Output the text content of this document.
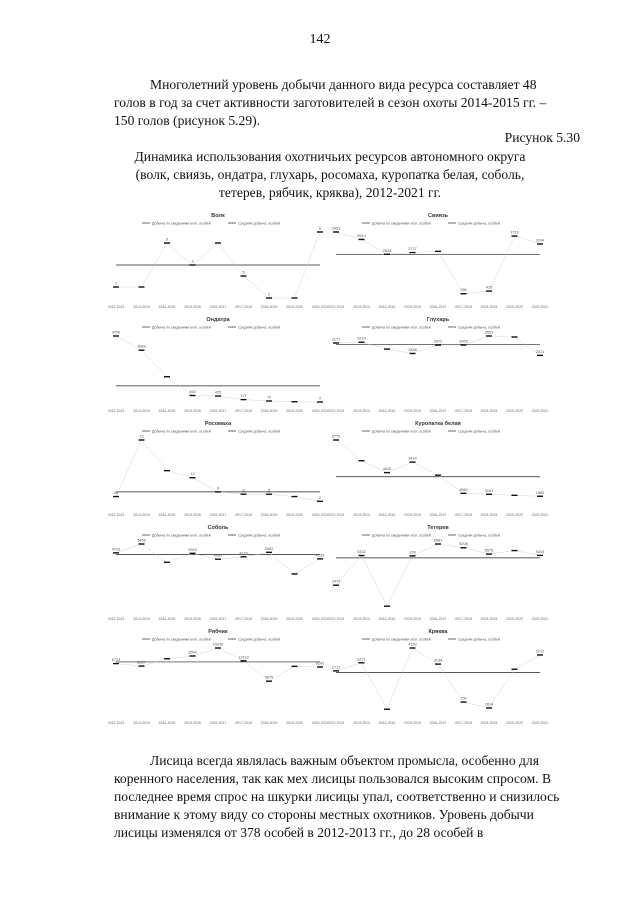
142
Многолетний уровень добычи данного вида ресурса составляет 48
голов в год за счет активности заготовителей в сезон охоты 2014-2015 гг. –
150 голов (рисунок 5.29).
Рисунок 5.30
Динамика использования охотничьих ресурсов автономного округа
(волк, свиязь, ондатра, глухарь, росомаха, куропатка белая, соболь,
тетерев, рябчик, кряква), 2012-2021 гг.
Волк
Добыча по сведениям охот. особей	Средняя добыча, особей
1
5
3
5
2
6
2012-2013	2013-2014	2014-2015	2015-2016	2016-2017	2017-2018	2018-2019	2019-2020	2020-2021
Свиязь
Добыча по сведениям охот. особей	Средняя добыча, особей
3961
3514
2623	2727
256
415
3716
3244
2012-2013	2013-2014	2014-2015	2015-2016	2016-2017	2017-2018	2018-2019	2019-2020	2020-2021
Ондатра
Добыча по сведениям охот. особей	Средняя добыча, особей
4700
3689
463	425
171	70	0
2012-2013	2013-2014	2014-2015	2015-2016	2016-2017	2017-2018	2018-2019	2019-2020	2020-2021
Глухарь
Добыча по сведениям охот. особей	Средняя добыча, особей
3177	3219
2848
2672	3065
3553
2511
2012-2013	2013-2014	2014-2015	2015-2016	2016-2017	2017-2018	2018-2019	2019-2020	2020-2021
Росомаха
Добыча по сведениям охот. особей	Средняя добыча, особей
28
15
12
6
5	5
2
2012-2013	2013-2014	2014-2015	2015-2016	2016-2017	2017-2018	2018-2019	2019-2020	2020-2021
Куропатка белая
Добыча по сведениям охот. особей	Средняя добыча, особей
6770
4645
3424
4560	3161	1880
2012-2013	2013-2014	2014-2015	2015-2016	2016-2017	2017-2018	2018-2019	2019-2020	2020-2021
Соболь
Добыча по сведениям охот. особей	Средняя добыча, особей
4723
5458
3943
4689
4770
2982
4230
2012-2013	2013-2014	2014-2015	2015-2016	2016-2017	2017-2018	2018-2019	2019-2020	2020-2021
Тетерев
Добыча по сведениям охот. особей	Средняя добыча, особей
2473
5432	378
6581
6208
5575	5443
2012-2013	2013-2014	2014-2015	2015-2016	2016-2017	2017-2018	2018-2019	2019-2020	2020-2021
Рябчик
Добыча по сведениям охот. особей	Средняя добыча, особей
8723
8287
9554
10030
11413
5675
8242
2012-2013	2013-2014	2014-2015	2015-2016	2016-2017	2017-2018	2018-2019	2019-2020	2020-2021
Кряква
Добыча по сведениям охот. особей	Средняя добыча, особей
2711
3221
4150
3138
750
2814
3712
2012-2013	2013-2014	2014-2015	2015-2016	2016-2017	2017-2018	2018-2019	2019-2020	2020-2021
Лисица всегда являлась важным объектом промысла, особенно для
коренного населения, так как мех лисицы пользовался высоким спросом. В
последнее время спрос на шкурки лисицы упал, соответственно и снизилось
внимание к этому виду со стороны местных охотников. Уровень добычи
лисицы изменялся от 378 особей в 2012-2013 гг., до 28 особей в
